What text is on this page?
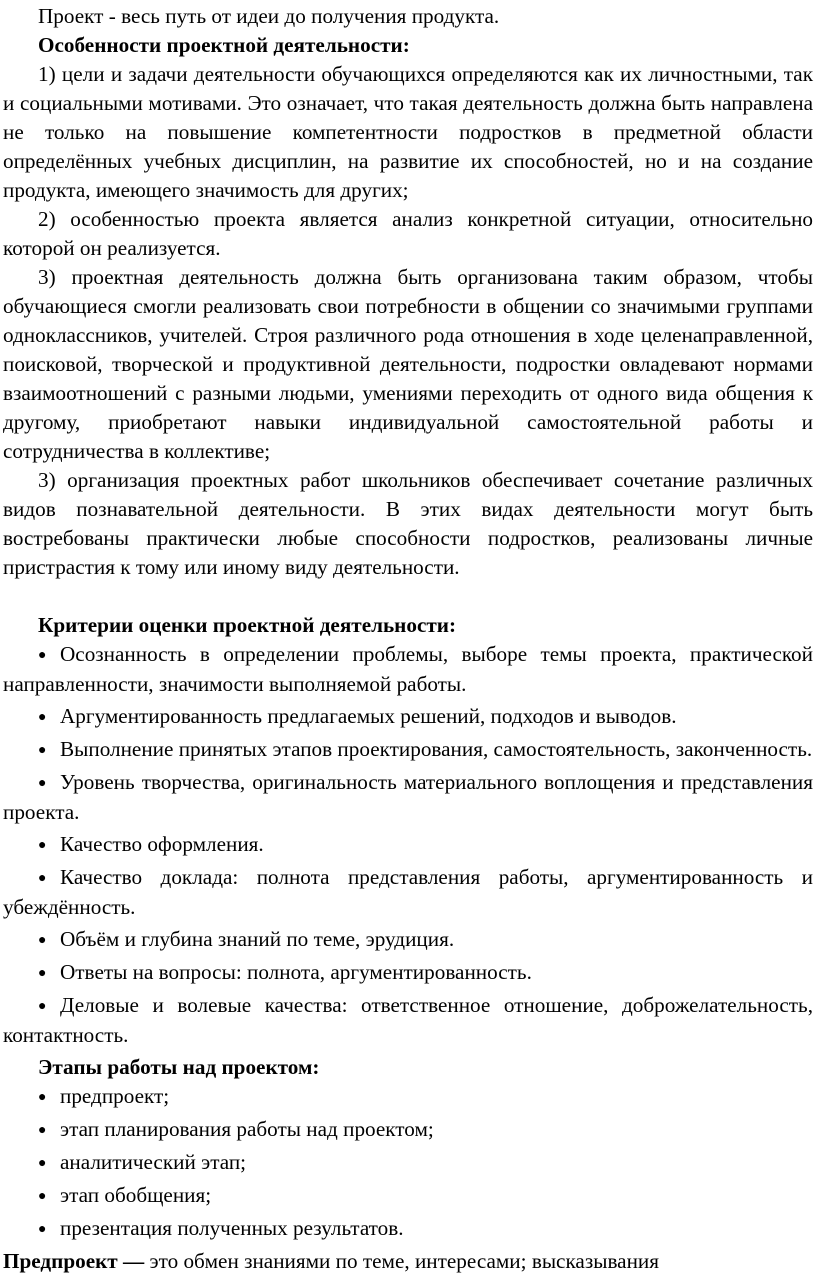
Проект - весь путь от идеи до получения продукта.

Особенности проектной деятельности:

1) цели и задачи деятельности обучающихся определяются как их личностными, так и социальными мотивами. Это означает, что такая деятельность должна быть направлена не только на повышение компетентности подростков в предметной области определённых учебных дисциплин, на развитие их способностей, но и на создание продукта, имеющего значимость для других;

2) особенностью проекта является анализ конкретной ситуации, относительно которой он реализуется.

3) проектная деятельность должна быть организована таким образом, чтобы обучающиеся смогли реализовать свои потребности в общении со значимыми группами одноклассников, учителей. Строя различного рода отношения в ходе целенаправленной, поисковой, творческой и продуктивной деятельности, подростки овладевают нормами взаимоотношений с разными людьми, умениями переходить от одного вида общения к другому, приобретают навыки индивидуальной самостоятельной работы и сотрудничества в коллективе;

3) организация проектных работ школьников обеспечивает сочетание различных видов познавательной деятельности. В этих видах деятельности могут быть востребованы практически любые способности подростков, реализованы личные пристрастия к тому или иному виду деятельности.

Критерии оценки проектной деятельности:

● Осознанность в определении проблемы, выборе темы проекта, практической направленности, значимости выполняемой работы.
● Аргументированность предлагаемых решений, подходов и выводов.
● Выполнение принятых этапов проектирования, самостоятельность, законченность.
● Уровень творчества, оригинальность материального воплощения и представления проекта.
● Качество оформления.
● Качество доклада: полнота представления работы, аргументированность и убеждённость.
● Объём и глубина знаний по теме, эрудиция.
● Ответы на вопросы: полнота, аргументированность.
● Деловые и волевые качества: ответственное отношение, доброжелательность, контактность.

Этапы работы над проектом:

● предпроект;
● этап планирования работы над проектом;
● аналитический этап;
● этап обобщения;
● презентация полученных результатов.

Предпроект — это обмен знаниями по теме, интересами; высказывания
